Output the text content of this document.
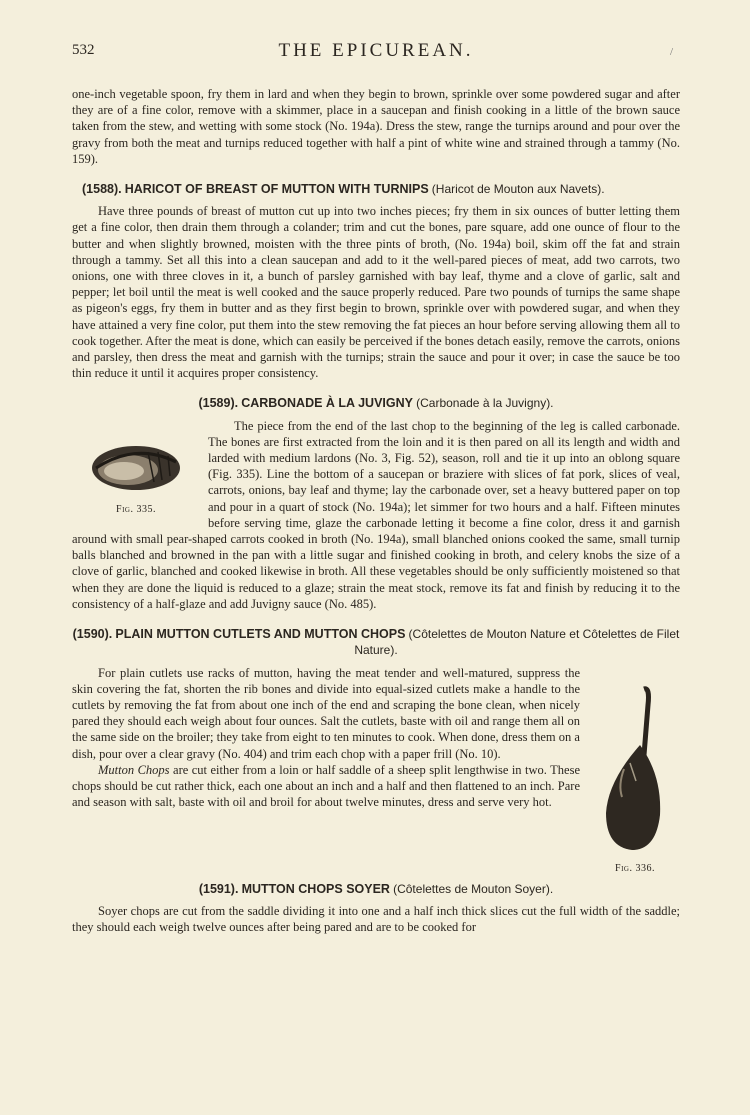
532	THE EPICUREAN.	/

one-inch vegetable spoon, fry them in lard and when they begin to brown, sprinkle over some powdered sugar and after they are of a fine color, remove with a skimmer, place in a saucepan and finish cooking in a little of the brown sauce taken from the stew, and wetting with some stock (No. 194a). Dress the stew, range the turnips around and pour over the gravy from both the meat and turnips reduced together with half a pint of white wine and strained through a tammy (No. 159).

(1588). HARICOT OF BREAST OF MUTTON WITH TURNIPS (Haricot de Mouton aux Navets).

Have three pounds of breast of mutton cut up into two inches pieces; fry them in six ounces of butter letting them get a fine color, then drain them through a colander; trim and cut the bones, pare square, add one ounce of flour to the butter and when slightly browned, moisten with the three pints of broth, (No. 194a) boil, skim off the fat and strain through a tammy. Set all this into a clean saucepan and add to it the well-pared pieces of meat, add two carrots, two onions, one with three cloves in it, a bunch of parsley garnished with bay leaf, thyme and a clove of garlic, salt and pepper; let boil until the meat is well cooked and the sauce properly reduced. Pare two pounds of turnips the same shape as pigeon's eggs, fry them in butter and as they first begin to brown, sprinkle over with powdered sugar, and when they have attained a very fine color, put them into the stew removing the fat pieces an hour before serving allowing them all to cook together. After the meat is done, which can easily be perceived if the bones detach easily, remove the carrots, onions and parsley, then dress the meat and garnish with the turnips; strain the sauce and pour it over; in case the sauce be too thin reduce it until it acquires proper consistency.

(1589). CARBONADE À LA JUVIGNY (Carbonade à la Juvigny).
Fig. 335.

The piece from the end of the last chop to the beginning of the leg is called carbonade. The bones are first extracted from the loin and it is then pared on all its length and width and larded with medium lardons (No. 3, Fig. 52), season, roll and tie it up into an oblong square (Fig. 335). Line the bottom of a saucepan or braziere with slices of fat pork, slices of veal, carrots, onions, bay leaf and thyme; lay the carbonade over, set a heavy buttered paper on top and pour in a quart of stock (No. 194a); let simmer for two hours and a half. Fifteen minutes before serving time, glaze the carbonade letting it become a fine color, dress it and garnish around with small pear-shaped carrots cooked in broth (No. 194a), small blanched onions cooked the same, small turnip balls blanched and browned in the pan with a little sugar and finished cooking in broth, and celery knobs the size of a clove of garlic, blanched and cooked likewise in broth. All these vegetables should be only sufficiently moistened so that when they are done the liquid is reduced to a glaze; strain the meat stock, remove its fat and finish by reducing it to the consistency of a half-glaze and add Juvigny sauce (No. 485).

(1590). PLAIN MUTTON CUTLETS AND MUTTON CHOPS (Côtelettes de Mouton Nature et Côtelettes de Filet Nature).
Fig. 336.

For plain cutlets use racks of mutton, having the meat tender and well-matured, suppress the skin covering the fat, shorten the rib bones and divide into equal-sized cutlets make a handle to the cutlets by removing the fat from about one inch of the end and scraping the bone clean, when nicely pared they should each weigh about four ounces. Salt the cutlets, baste with oil and range them all on the same side on the broiler; they take from eight to ten minutes to cook. When done, dress them on a dish, pour over a clear gravy (No. 404) and trim each chop with a paper frill (No. 10).

Mutton Chops are cut either from a loin or half saddle of a sheep split lengthwise in two. These chops should be cut rather thick, each one about an inch and a half and then flattened to an inch. Pare and season with salt, baste with oil and broil for about twelve minutes, dress and serve very hot.

(1591). MUTTON CHOPS SOYER (Côtelettes de Mouton Soyer).

Soyer chops are cut from the saddle dividing it into one and a half inch thick slices cut the full width of the saddle; they should each weigh twelve ounces after being pared and are to be cooked for
